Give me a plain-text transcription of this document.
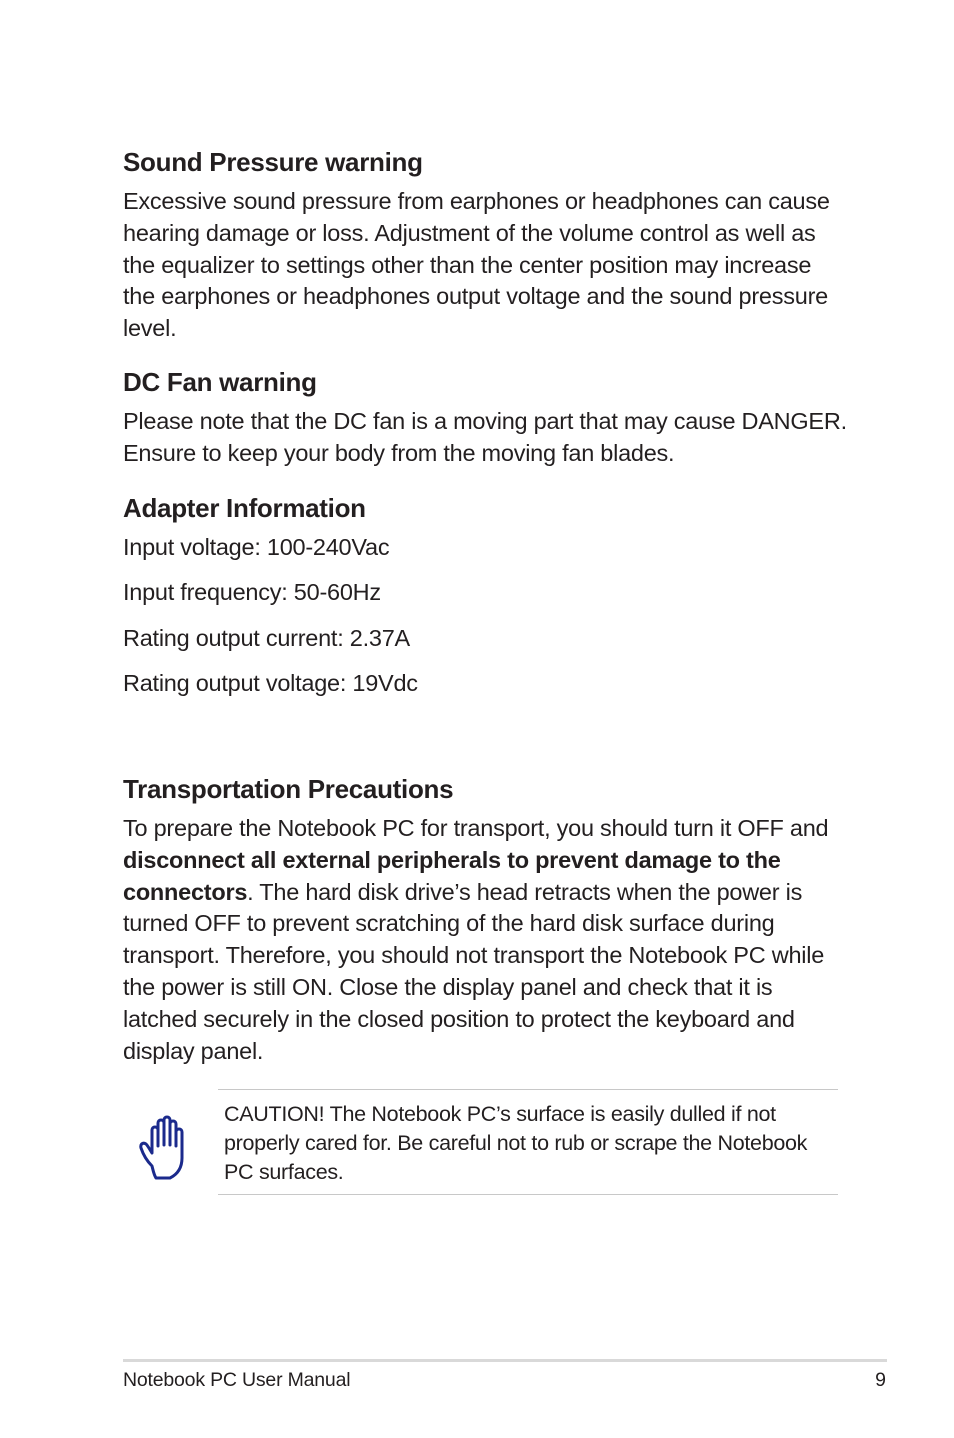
Sound Pressure warning

Excessive sound pressure from earphones or headphones can cause hearing damage or loss. Adjustment of the volume control as well as the equalizer to settings other than the center position may increase the earphones or headphones output voltage and the sound pressure level.

DC Fan warning

Please note that the DC fan is a moving part that may cause DANGER. Ensure to keep your body from the moving fan blades.

Adapter Information

Input voltage: 100-240Vac

Input frequency: 50-60Hz

Rating output current: 2.37A

Rating output voltage: 19Vdc

Transportation Precautions

To prepare the Notebook PC for transport, you should turn it OFF and disconnect all external peripherals to prevent damage to the connectors. The hard disk drive’s head retracts when the power is turned OFF to prevent scratching of the hard disk surface during transport. Therefore, you should not transport the Notebook PC while the power is still ON. Close the display panel and check that it is latched securely in the closed position to protect the keyboard and display panel.

CAUTION! The Notebook PC’s surface is easily dulled if not properly cared for. Be careful not to rub or scrape the Notebook PC surfaces.
Notebook PC User Manual	9
